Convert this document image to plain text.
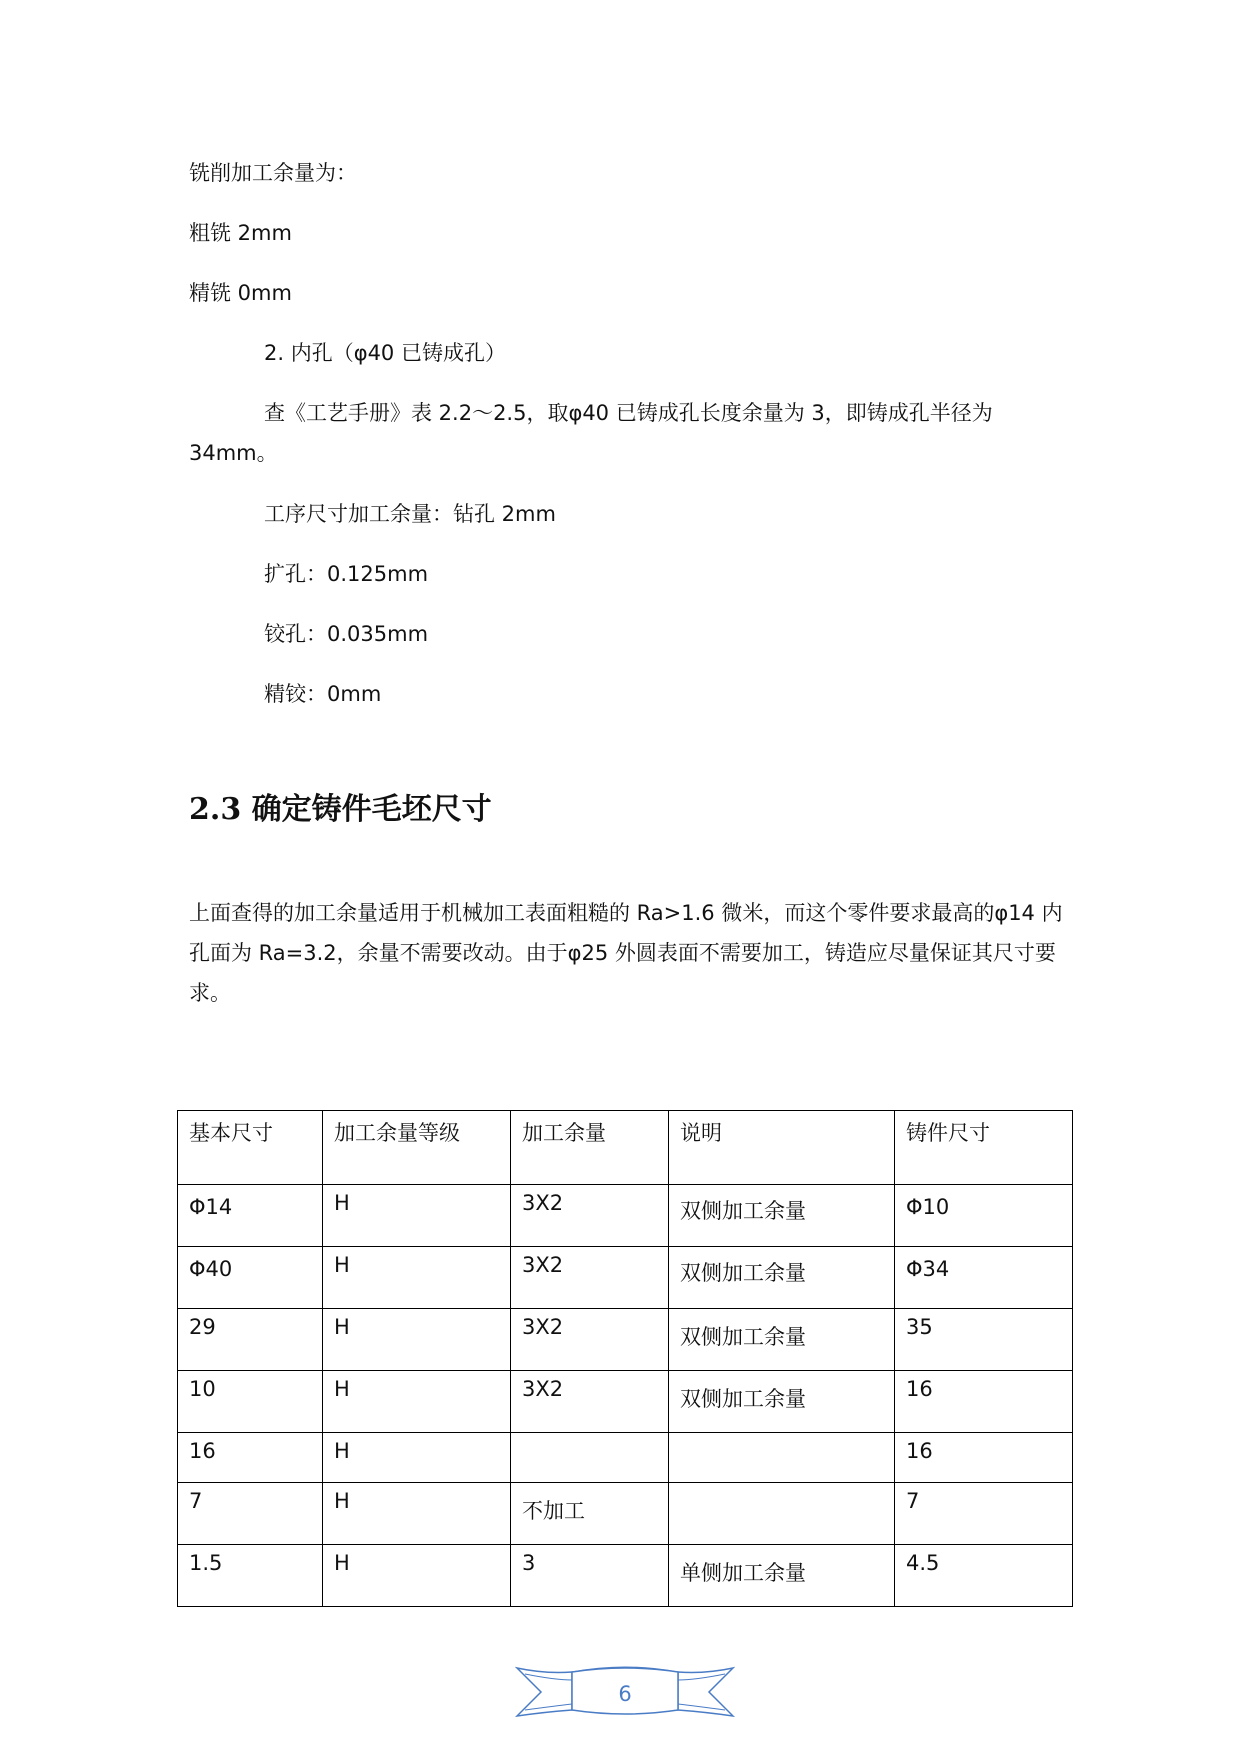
铣削加工余量为：

粗铣 2mm

精铣 0mm

2. 内孔（φ40 已铸成孔）

查《工艺手册》表 2.2～2.5，取φ40 已铸成孔长度余量为 3，即铸成孔半径为 34mm。

工序尺寸加工余量：钻孔 2mm

扩孔：0.125mm

铰孔：0.035mm

精铰：0mm

2.3 确定铸件毛坯尺寸

上面查得的加工余量适用于机械加工表面粗糙的 Ra>1.6 微米，而这个零件要求最高的φ14 内孔面为 Ra=3.2，余量不需要改动。由于φ25 外圆表面不需要加工，铸造应尽量保证其尺寸要求。

基本尺寸	加工余量等级	加工余量	说明	铸件尺寸
Φ14	H	3X2	双侧加工余量	Φ10
Φ40	H	3X2	双侧加工余量	Φ34
29	H	3X2	双侧加工余量	35
10	H	3X2	双侧加工余量	16
16	H			16
7	H	不加工		7
1.5	H	3	单侧加工余量	4.5
6
